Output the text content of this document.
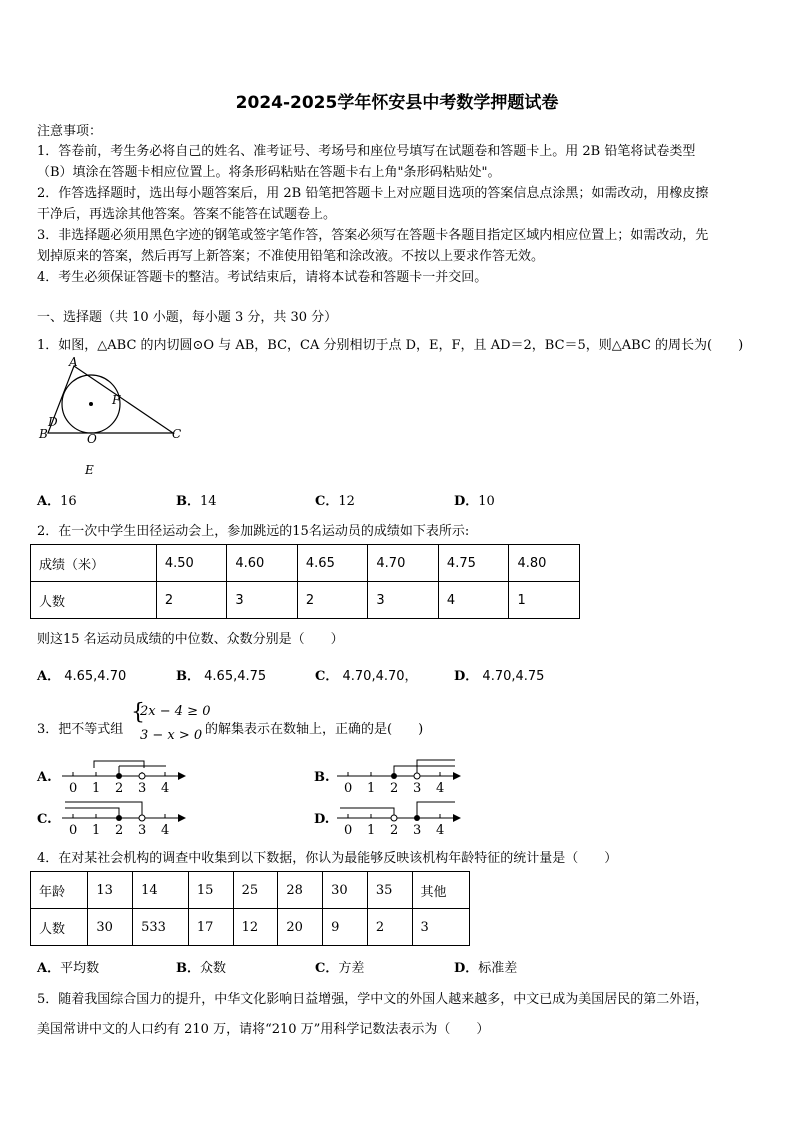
2024-2025学年怀安县中考数学押题试卷
注意事项：
1．答卷前，考生务必将自己的姓名、准考证号、考场号和座位号填写在试题卷和答题卡上。用 2B 铅笔将试卷类型
（B）填涂在答题卡相应位置上。将条形码粘贴在答题卡右上角"条形码粘贴处"。
2．作答选择题时，选出每小题答案后，用 2B 铅笔把答题卡上对应题目选项的答案信息点涂黑；如需改动，用橡皮擦
干净后，再选涂其他答案。答案不能答在试题卷上。
3．非选择题必须用黑色字迹的钢笔或签字笔作答，答案必须写在答题卡各题目指定区域内相应位置上；如需改动，先
划掉原来的答案，然后再写上新答案；不准使用铅笔和涂改液。不按以上要求作答无效。
4．考生必须保证答题卡的整洁。考试结束后，请将本试卷和答题卡一并交回。
一、选择题（共 10 小题，每小题 3 分，共 30 分）
1．如图，△ABC 的内切圆⊙O 与 AB，BC，CA 分别相切于点 D，E，F，且 AD＝2，BC＝5，则△ABC 的周长为(　　)
A
B	C
D
E
F
O
A．16	B．14	C．12	D．10
2．在一次中学生田径运动会上，参加跳远的15名运动员的成绩如下表所示:
成绩（米）	4.50	4.60	4.65	4.70	4.75	4.80
人数	2	3	2	3	4	1
则这15 名运动员成绩的中位数、众数分别是（　　）
A． 4.65,4.70	B． 4.65,4.75	C． 4.70,4.70，	D． 4.70,4.75
3．把不等式组
{
2x − 4 ≥ 0
3 − x > 0 的解集表示在数轴上，正确的是(　　)
A.
0 1 2 3 4
B.
0 1 2 3 4
C.
0 1 2 3 4
D.
0 1 2 3 4
4．在对某社会机构的调查中收集到以下数据，你认为最能够反映该机构年龄特征的统计量是（　　）
年龄	13	14	15	25	28	30	35	其他
人数	30	533	17	12	20	9	2	3
A．平均数	B．众数	C．方差	D．标准差
5．随着我国综合国力的提升，中华文化影响日益增强，学中文的外国人越来越多，中文已成为美国居民的第二外语，
美国常讲中文的人口约有 210 万，请将“210 万”用科学记数法表示为（　　）
